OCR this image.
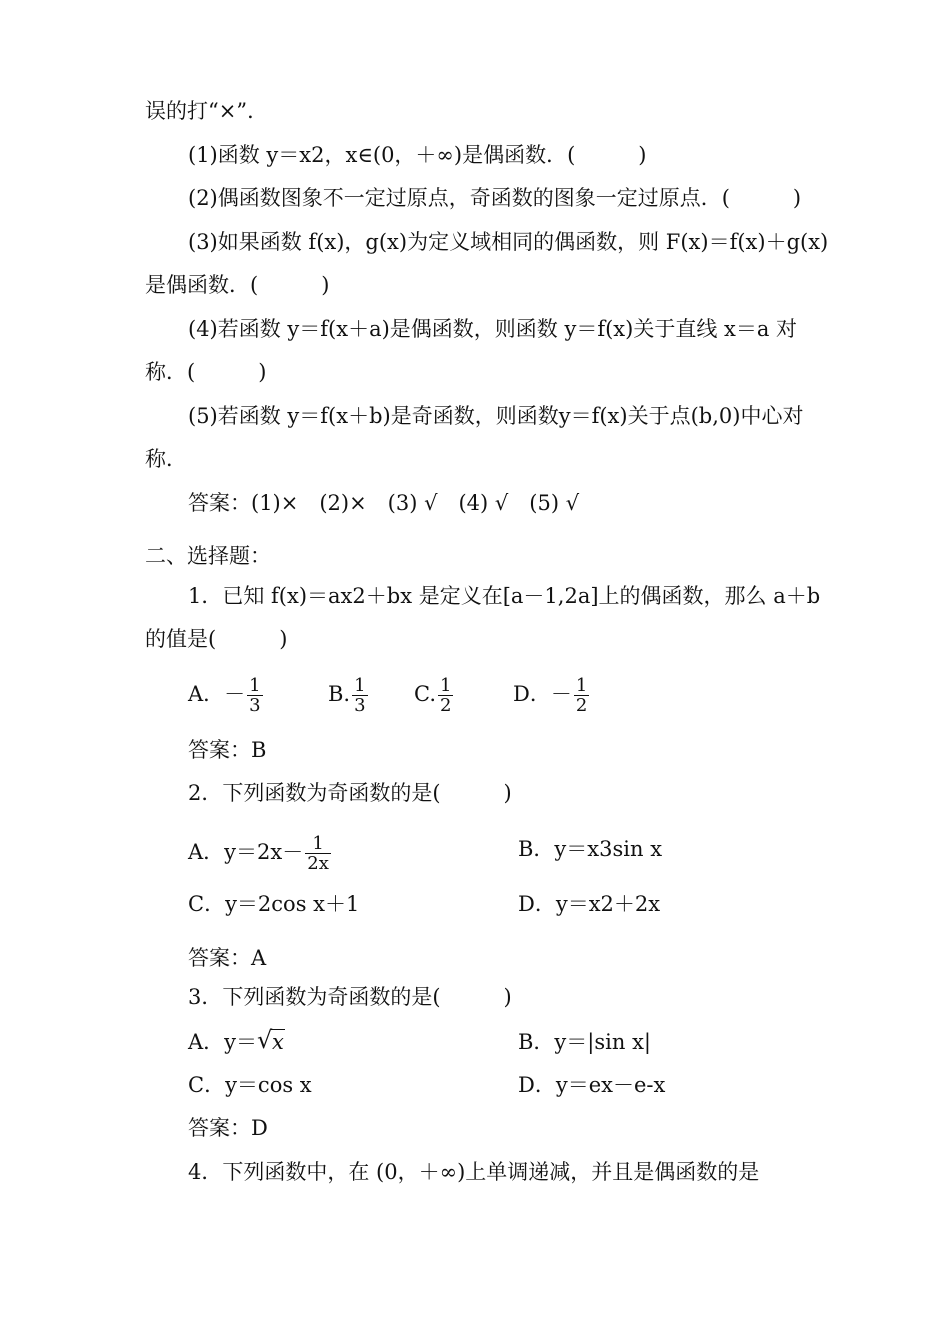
误的打“×”．
(1)函数 y＝x2，x∈(0，＋∞)是偶函数．(　　　)
(2)偶函数图象不一定过原点，奇函数的图象一定过原点．(　　　)
(3)如果函数 f(x)，g(x)为定义域相同的偶函数，则 F(x)＝f(x)＋g(x)
是偶函数．(　　　)
(4)若函数 y＝f(x＋a)是偶函数，则函数 y＝f(x)关于直线 x＝a 对
称．(　　　)
(5)若函数 y＝f(x＋b)是奇函数，则函数y＝f(x)关于点(b,0)中心对
称．
答案：(1)×　(2)×　(3) √　(4) √　(5) √
二、选择题：
1．已知 f(x)＝ax2＋bx 是定义在[a－1,2a]上的偶函数，那么 a＋b
的值是(　　　)
A．－ $\frac{1}{3}$	B. $\frac{1}{3} C$. $\frac{1}{2}$	D．－ $\frac{1}{2}$
答案：B
2．下列函数为奇函数的是(　　　)
A．$y=2x- \frac{1}{2x}$	B．y＝x3sin x
C．y＝2cos x＋1	D．y＝x2＋2x
答案：A
3．下列函数为奇函数的是(　　　)
A．y＝ √ x	B．y＝|sin x|
C．y＝cos x	D．y＝ex－e-x
答案：D
4．下列函数中，在 (0，＋∞)上单调递减，并且是偶函数的是
